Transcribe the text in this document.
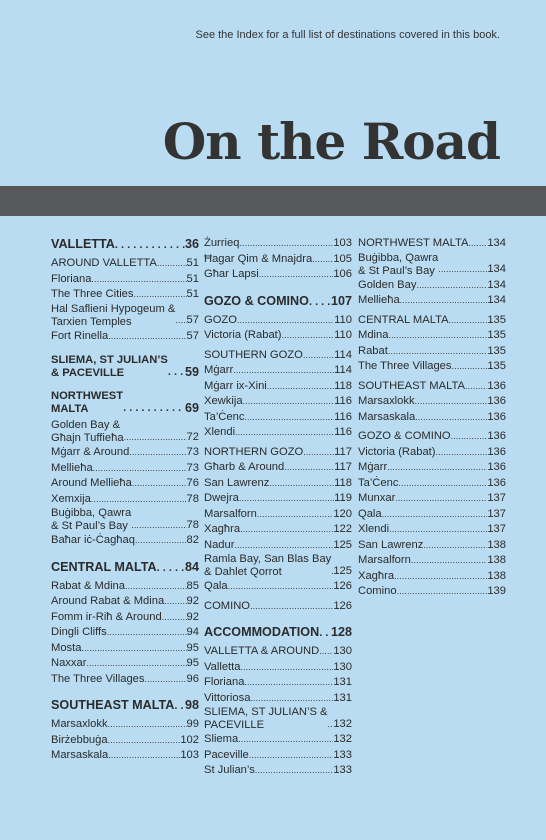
See the Index for a full list of destinations covered in this book.
On the Road
VALLETTA . . .	36
AROUND VALLETTA . . .	51
Floriana . . .	51
The Three Cities . . .	51
Hal Saflieni Hypogeum &
Tarxien Temples . . .	57
Fort Rinella . . .	57
SLIEMA, ST JULIAN’S
& PACEVILLE . . .	59
NORTHWEST
MALTA . . .	69
Golden Bay &
Għajn Tuffieħa . . .	72
Mġarr & Around . . .	73
Mellieħa . . .	73
Around Mellieħa . . .	76
Xemxija . . .	78
Buġibba, Qawra
& St Paul’s Bay . . .	78
Baħar iċ-Ċagħaq . . .	82
CENTRAL MALTA . . . 84
Rabat & Mdina . . .	85
Around Rabat & Mdina . . . 92
Fomm ir-Riħ & Around . . . 92
Dingli Cliffs . . .	94
Mosta . . .	95
Naxxar . . .	95
The Three Villages . . .	96
SOUTHEAST MALTA . . . 98
Marsaxlokk . . .	99
Birżebbuġa . . .	102
Marsaskala . . .	103
Żurrieq . . .	103
Ħagar Qim & Mnajdra . . . 105
Għar Lapsi . . .	106
GOZO & COMINO . . . 107
GOZO . . .	110
Victoria (Rabat) . . .	110
SOUTHERN GOZO . . .	114
Mġarr . . .	114
Mġarr ix-Xini . . .	118
Xewkija . . .	116
Ta’Ċenc . . .	116
Xlendi . . .	116
NORTHERN GOZO . . .	117
Għarb & Around . . .	117
San Lawrenz . . .	118
Dwejra . . .	119
Marsalforn . . .	120
Xagħra . . .	122
Nadur . . .	125
Ramla Bay, San Blas Bay
& Dahlet Qorrot . . .	125
Qala . . .	126
COMINO . . .	126
ACCOMMODATION . . . 128
VALLETTA & AROUND . . . 130
Valletta . . .	130
Floriana . . .	131
Vittoriosa . . .	131
SLIEMA, ST JULIAN’S &
PACEVILLE . . .	132
Sliema . . .	132
Paceville . . .	133
St Julian’s . . .	133
NORTHWEST MALTA . . . 134
Buġibba, Qawra
& St Paul’s Bay . . .	134
Golden Bay . . .	134
Mellieħa . . .	134
CENTRAL MALTA . . .	135
Mdina . . .	135
Rabat . . .	135
The Three Villages . . .	135
SOUTHEAST MALTA . . . 136
Marsaxlokk . . .	136
Marsaskala . . .	136
GOZO & COMINO . . .	136
Victoria (Rabat) . . .	136
Mġarr . . .	136
Ta’Ċenc . . .	136
Munxar . . .	137
Qala . . .	137
Xlendi . . .	137
San Lawrenz . . .	138
Marsalforn . . .	138
Xagħra . . .	138
Comino . . .	139
